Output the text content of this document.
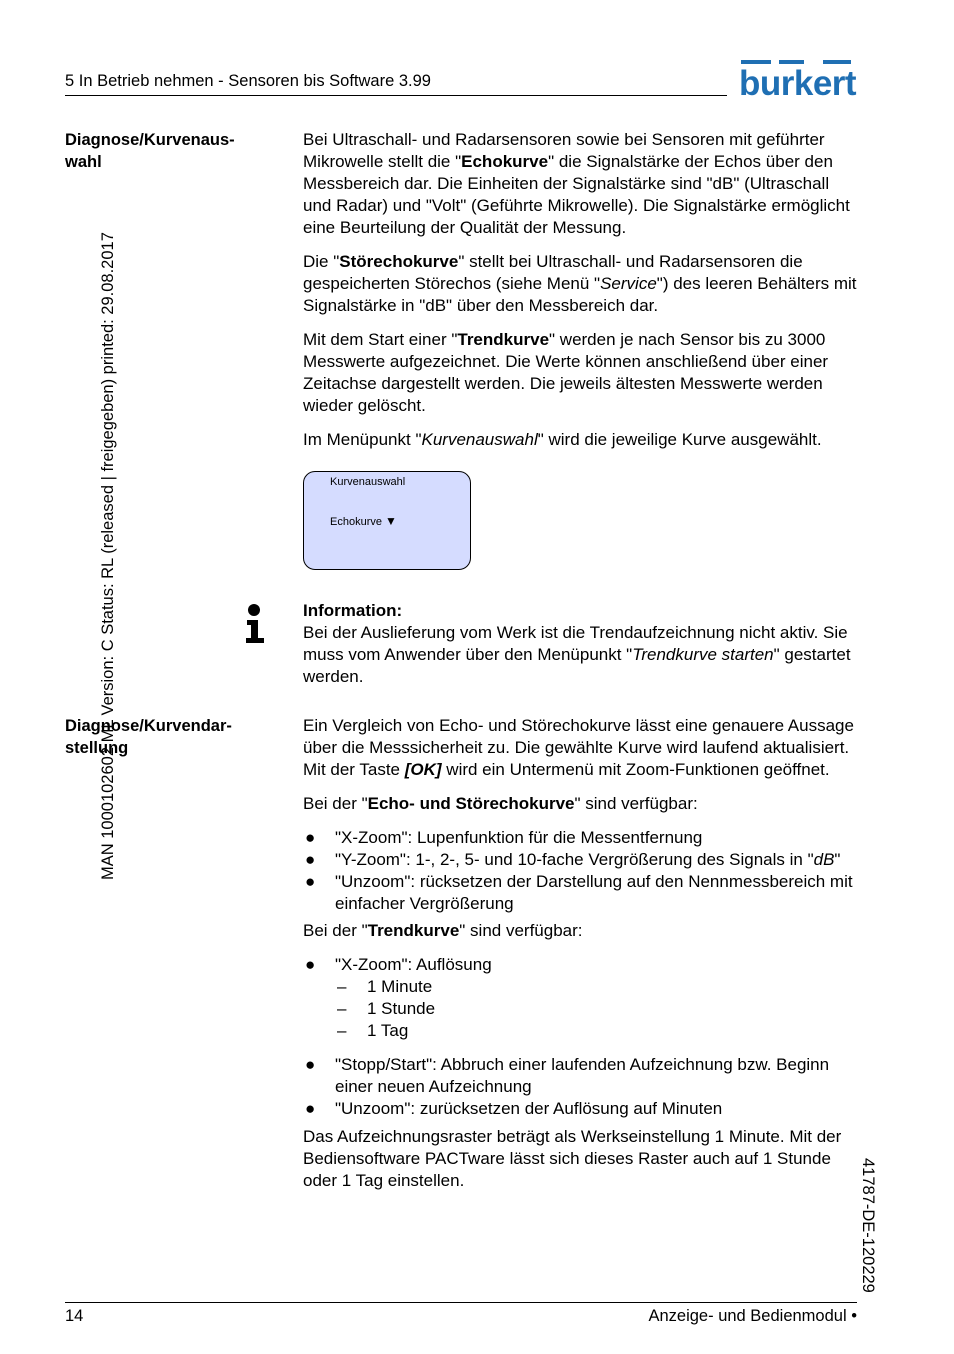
5 In Betrieb nehmen - Sensoren bis Software 3.99	burkert
MAN 1000102602 ML Version: C Status: RL (released | freigegeben) printed: 29.08.2017
41787-DE-120229
Diagnose/Kurvenaus-
wahl

Bei Ultraschall- und Radarsensoren sowie bei Sensoren mit geführter Mikrowelle stellt die "Echokurve" die Signalstärke der Echos über den Messbereich dar. Die Einheiten der Signalstärke sind "dB" (Ultraschall und Radar) und "Volt" (Geführte Mikrowelle). Die Signalstärke ermöglicht eine Beurteilung der Qualität der Messung.

Die "Störechokurve" stellt bei Ultraschall- und Radarsensoren die gespeicherten Störechos (siehe Menü "Service") des leeren Behälters mit Signalstärke in "dB" über den Messbereich dar.

Mit dem Start einer "Trendkurve" werden je nach Sensor bis zu 3000 Messwerte aufgezeichnet. Die Werte können anschließend über einer Zeitachse dargestellt werden. Die jeweils ältesten Messwerte werden wieder gelöscht.

Im Menüpunkt "Kurvenauswahl" wird die jeweilige Kurve ausgewählt.

Kurvenauswahl
Echokurve ▼
Information:
Bei der Auslieferung vom Werk ist die Trendaufzeichnung nicht aktiv. Sie muss vom Anwender über den Menüpunkt "Trendkurve starten" gestartet werden.
Diagnose/Kurvendar-
stellung

Ein Vergleich von Echo- und Störechokurve lässt eine genauere Aussage über die Messsicherheit zu. Die gewählte Kurve wird laufend aktualisiert. Mit der Taste [OK] wird ein Untermenü mit Zoom-Funktionen geöffnet.

Bei der "Echo- und Störechokurve" sind verfügbar:

● "X-Zoom": Lupenfunktion für die Messentfernung
● "Y-Zoom": 1-, 2-, 5- und 10-fache Vergrößerung des Signals in "dB"
● "Unzoom": rücksetzen der Darstellung auf den Nennmessbereich mit einfacher Vergrößerung

Bei der "Trendkurve" sind verfügbar:

● "X-Zoom": Auflösung
– 1 Minute
– 1 Stunde
– 1 Tag
● "Stopp/Start": Abbruch einer laufenden Aufzeichnung bzw. Beginn einer neuen Aufzeichnung
● "Unzoom": zurücksetzen der Auflösung auf Minuten

Das Aufzeichnungsraster beträgt als Werkseinstellung 1 Minute. Mit der Bediensoftware PACTware lässt sich dieses Raster auch auf 1 Stunde oder 1 Tag einstellen.

14	Anzeige- und Bedienmodul •
